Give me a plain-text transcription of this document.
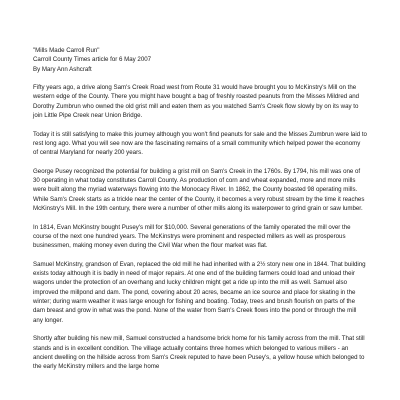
"Mills Made Carroll Run"
Carroll County Times article for 6 May 2007
By Mary Ann Ashcraft

Fifty years ago, a drive along Sam's Creek Road west from Route 31 would have brought you to McKinstry's Mill on the western edge of the County. There you might have bought a bag of freshly roasted peanuts from the Misses Mildred and Dorothy Zumbrun who owned the old grist mill and eaten them as you watched Sam's Creek flow slowly by on its way to join Little Pipe Creek near Union Bridge.

Today it is still satisfying to make this journey although you won't find peanuts for sale and the Misses Zumbrun were laid to rest long ago. What you will see now are the fascinating remains of a small community which helped power the economy of central Maryland for nearly 200 years.

George Pusey recognized the potential for building a grist mill on Sam's Creek in the 1760s. By 1794, his mill was one of 30 operating in what today constitutes Carroll County. As production of corn and wheat expanded, more and more mills were built along the myriad waterways flowing into the Monocacy River. In 1862, the County boasted 98 operating mills. While Sam's Creek starts as a trickle near the center of the County, it becomes a very robust stream by the time it reaches McKinstry's Mill. In the 19th century, there were a number of other mills along its waterpower to grind grain or saw lumber.

In 1814, Evan McKinstry bought Pusey's mill for $10,000. Several generations of the family operated the mill over the course of the next one hundred years. The McKinstrys were prominent and respected millers as well as prosperous businessmen, making money even during the Civil War when the flour market was flat.

Samuel McKinstry, grandson of Evan, replaced the old mill he had inherited with a 2½ story new one in 1844. That building exists today although it is badly in need of major repairs. At one end of the building farmers could load and unload their wagons under the protection of an overhang and lucky children might get a ride up into the mill as well. Samuel also improved the millpond and dam. The pond, covering about 20 acres, became an ice source and place for skating in the winter; during warm weather it was large enough for fishing and boating. Today, trees and brush flourish on parts of the dam breast and grow in what was the pond. None of the water from Sam's Creek flows into the pond or through the mill any longer.

Shortly after building his new mill, Samuel constructed a handsome brick home for his family across from the mill. That still stands and is in excellent condition. The village actually contains three homes which belonged to various millers - an ancient dwelling on the hillside across from Sam's Creek reputed to have been Pusey's, a yellow house which belonged to the early McKinstry millers and the large home
